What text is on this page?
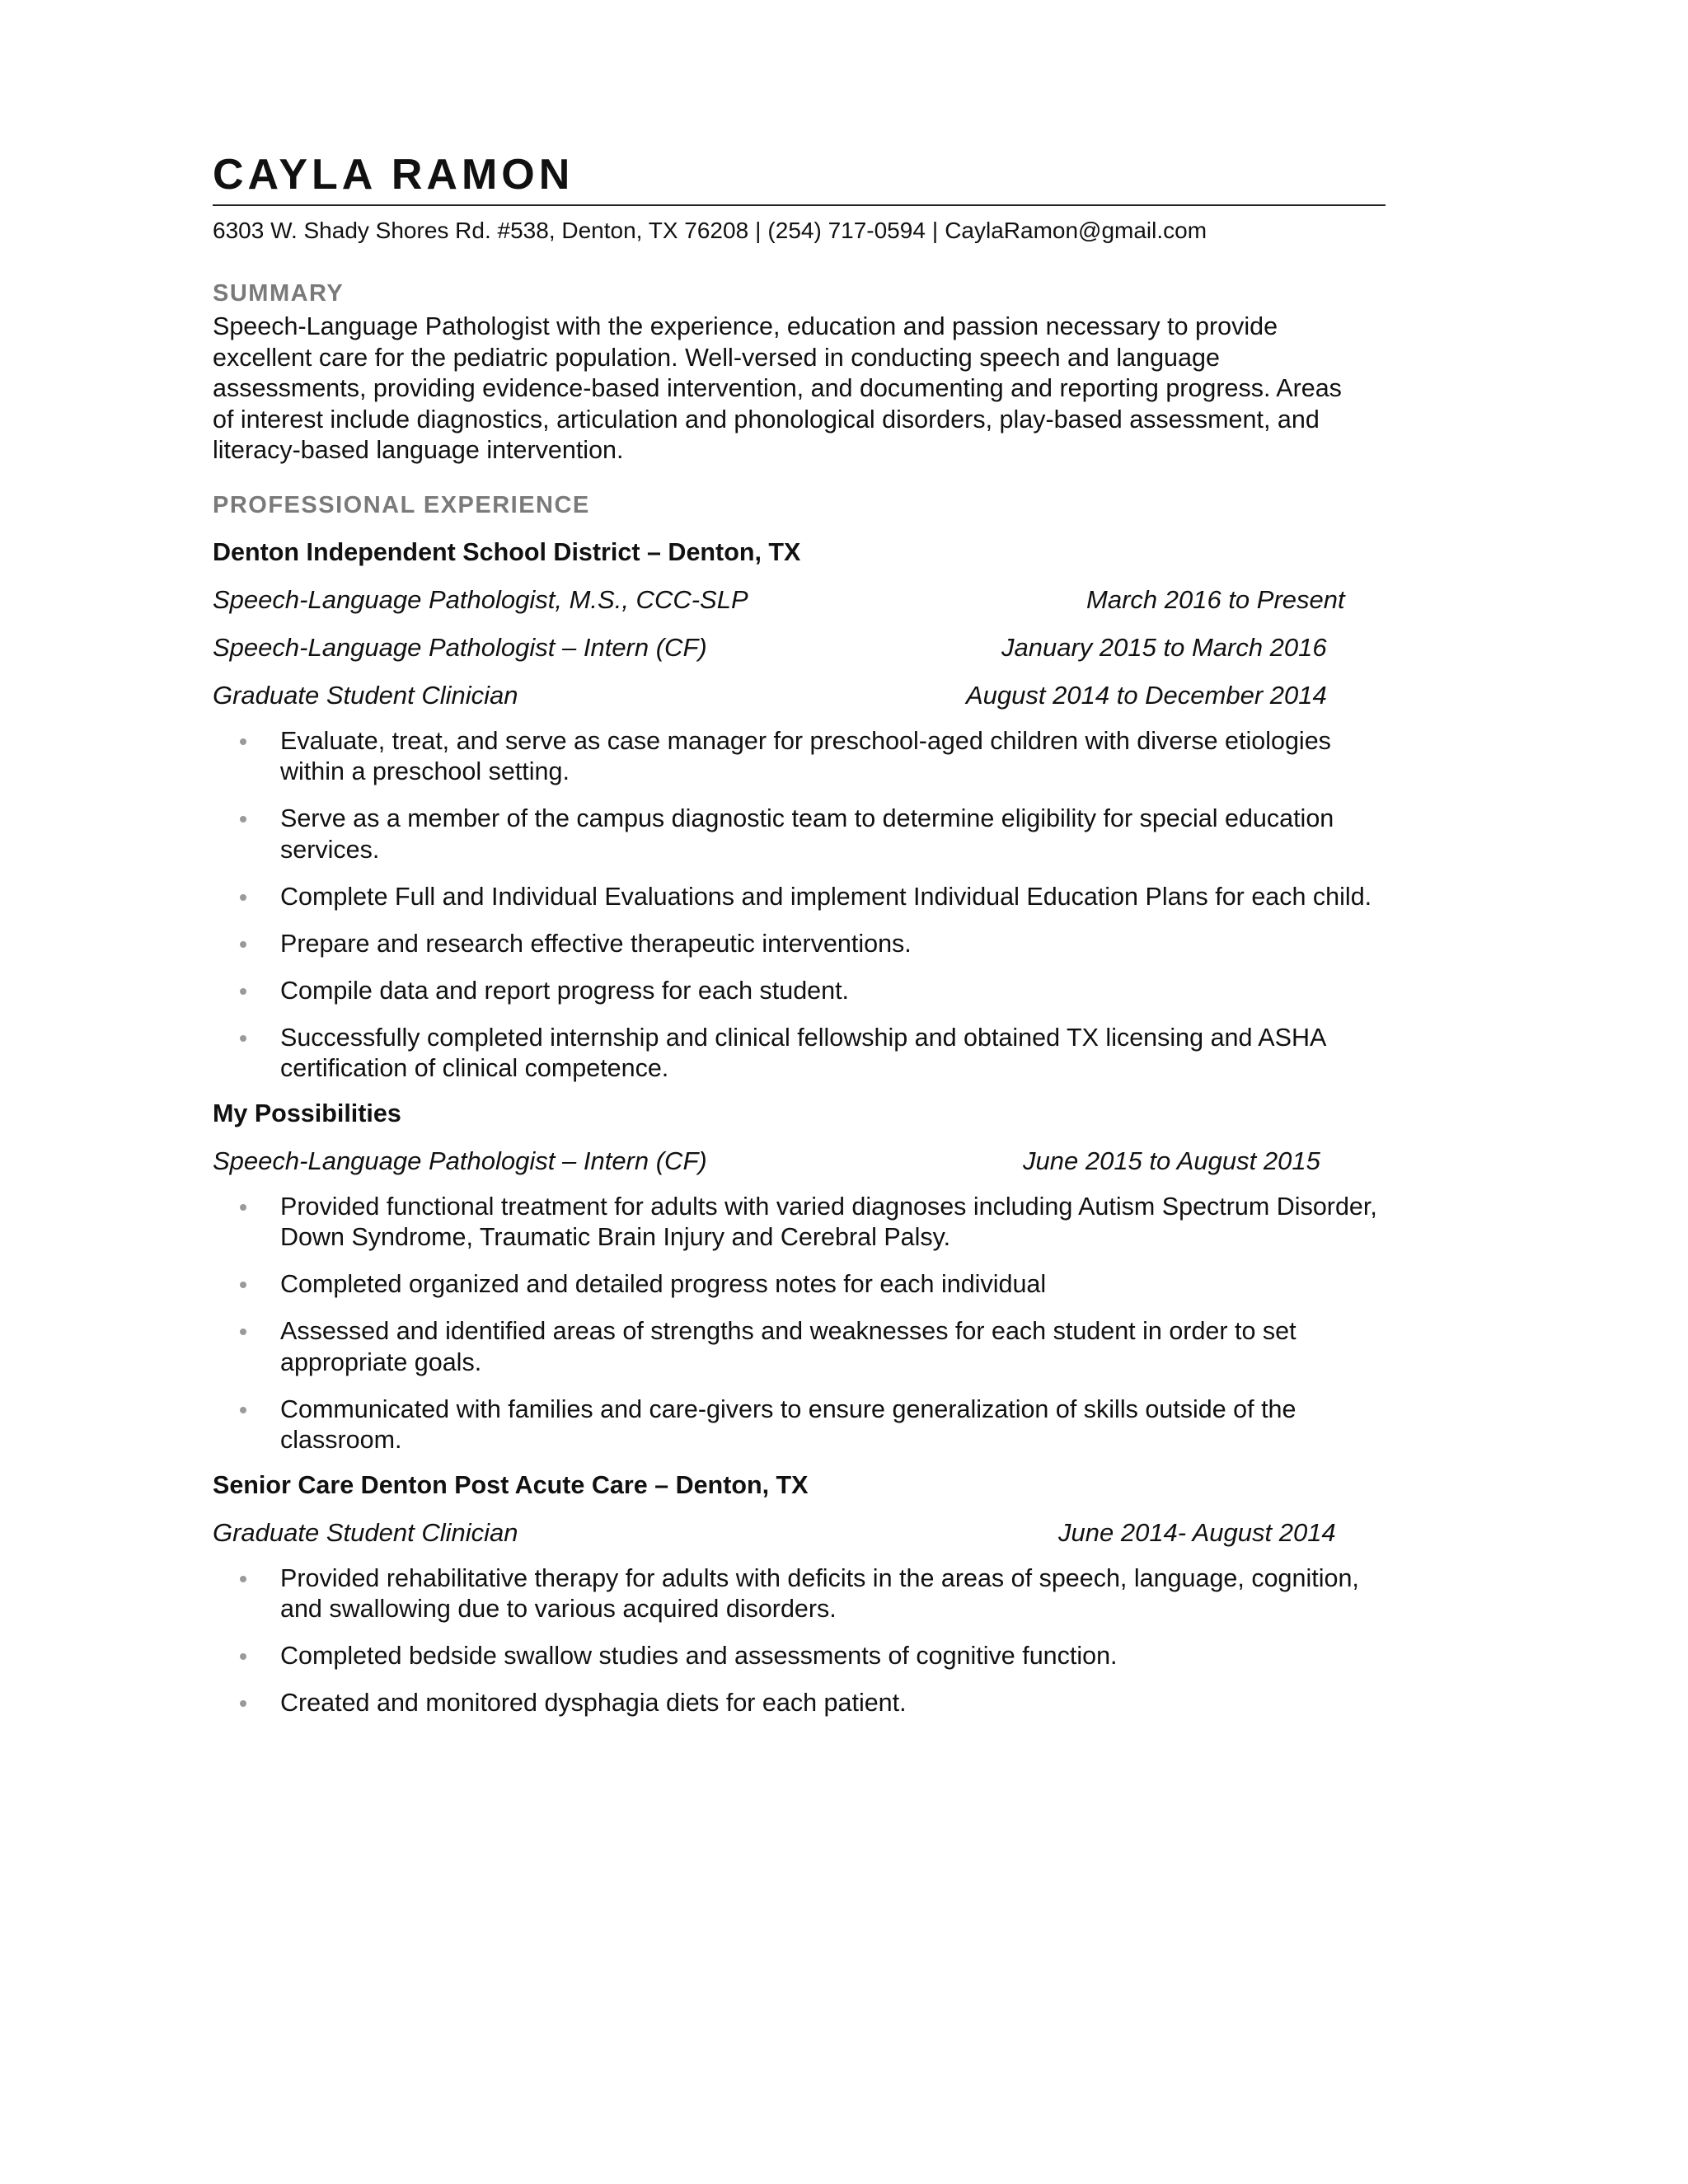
CAYLA RAMON
6303 W. Shady Shores Rd. #538, Denton, TX 76208 | (254) 717-0594 | CaylaRamon@gmail.com
SUMMARY
Speech-Language Pathologist with the experience, education and passion necessary to provide excellent care for the pediatric population. Well-versed in conducting speech and language assessments, providing evidence-based intervention, and documenting and reporting progress. Areas of interest include diagnostics, articulation and phonological disorders, play-based assessment, and literacy-based language intervention.
PROFESSIONAL EXPERIENCE
Denton Independent School District – Denton, TX
Speech-Language Pathologist, M.S., CCC-SLP	March 2016 to Present
Speech-Language Pathologist – Intern (CF)	January 2015 to March 2016
Graduate Student Clinician	August 2014 to December 2014
Evaluate, treat, and serve as case manager for preschool-aged children with diverse etiologies within a preschool setting.
Serve as a member of the campus diagnostic team to determine eligibility for special education services.
Complete Full and Individual Evaluations and implement Individual Education Plans for each child.
Prepare and research effective therapeutic interventions.
Compile data and report progress for each student.
Successfully completed internship and clinical fellowship and obtained TX licensing and ASHA certification of clinical competence.
My Possibilities
Speech-Language Pathologist – Intern (CF)	June 2015 to August 2015
Provided functional treatment for adults with varied diagnoses including Autism Spectrum Disorder, Down Syndrome, Traumatic Brain Injury and Cerebral Palsy.
Completed organized and detailed progress notes for each individual
Assessed and identified areas of strengths and weaknesses for each student in order to set appropriate goals.
Communicated with families and care-givers to ensure generalization of skills outside of the classroom.
Senior Care Denton Post Acute Care – Denton, TX
Graduate Student Clinician	June 2014- August 2014
Provided rehabilitative therapy for adults with deficits in the areas of speech, language, cognition, and swallowing due to various acquired disorders.
Completed bedside swallow studies and assessments of cognitive function.
Created and monitored dysphagia diets for each patient.
